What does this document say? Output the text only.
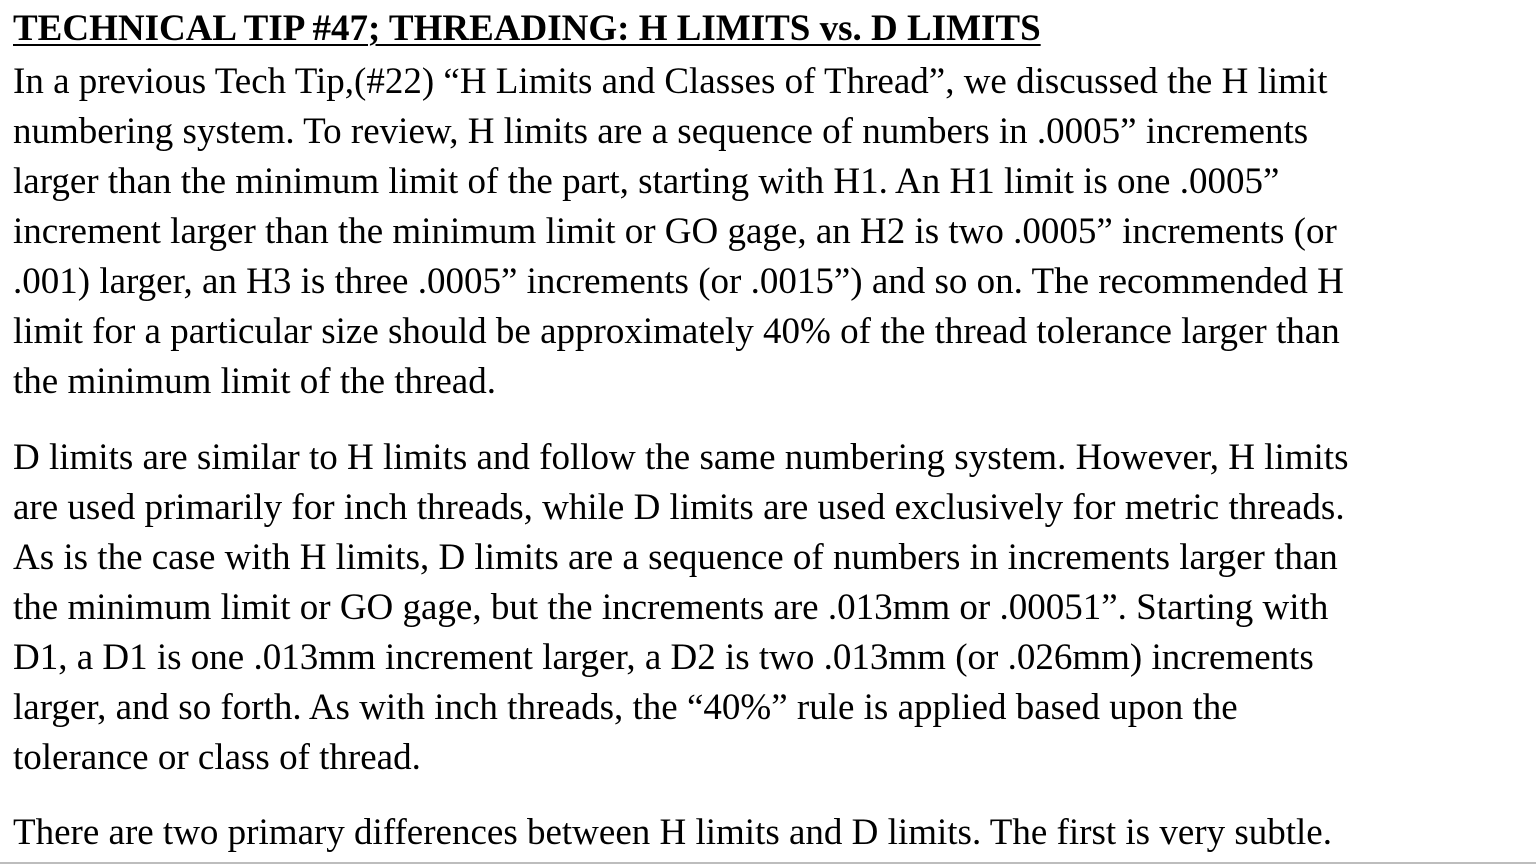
TECHNICAL TIP #47; THREADING: H LIMITS vs. D LIMITS

In a previous Tech Tip,(#22) “H Limits and Classes of Thread”, we discussed the H limit
numbering system. To review, H limits are a sequence of numbers in .0005” increments
larger than the minimum limit of the part, starting with H1. An H1 limit is one .0005”
increment larger than the minimum limit or GO gage, an H2 is two .0005” increments (or
.001) larger, an H3 is three .0005” increments (or .0015”) and so on. The recommended H
limit for a particular size should be approximately 40% of the thread tolerance larger than
the minimum limit of the thread.

D limits are similar to H limits and follow the same numbering system. However, H limits
are used primarily for inch threads, while D limits are used exclusively for metric threads.
As is the case with H limits, D limits are a sequence of numbers in increments larger than
the minimum limit or GO gage, but the increments are .013mm or .00051”. Starting with
D1, a D1 is one .013mm increment larger, a D2 is two .013mm (or .026mm) increments
larger, and so forth. As with inch threads, the “40%” rule is applied based upon the
tolerance or class of thread.

There are two primary differences between H limits and D limits. The first is very subtle.
